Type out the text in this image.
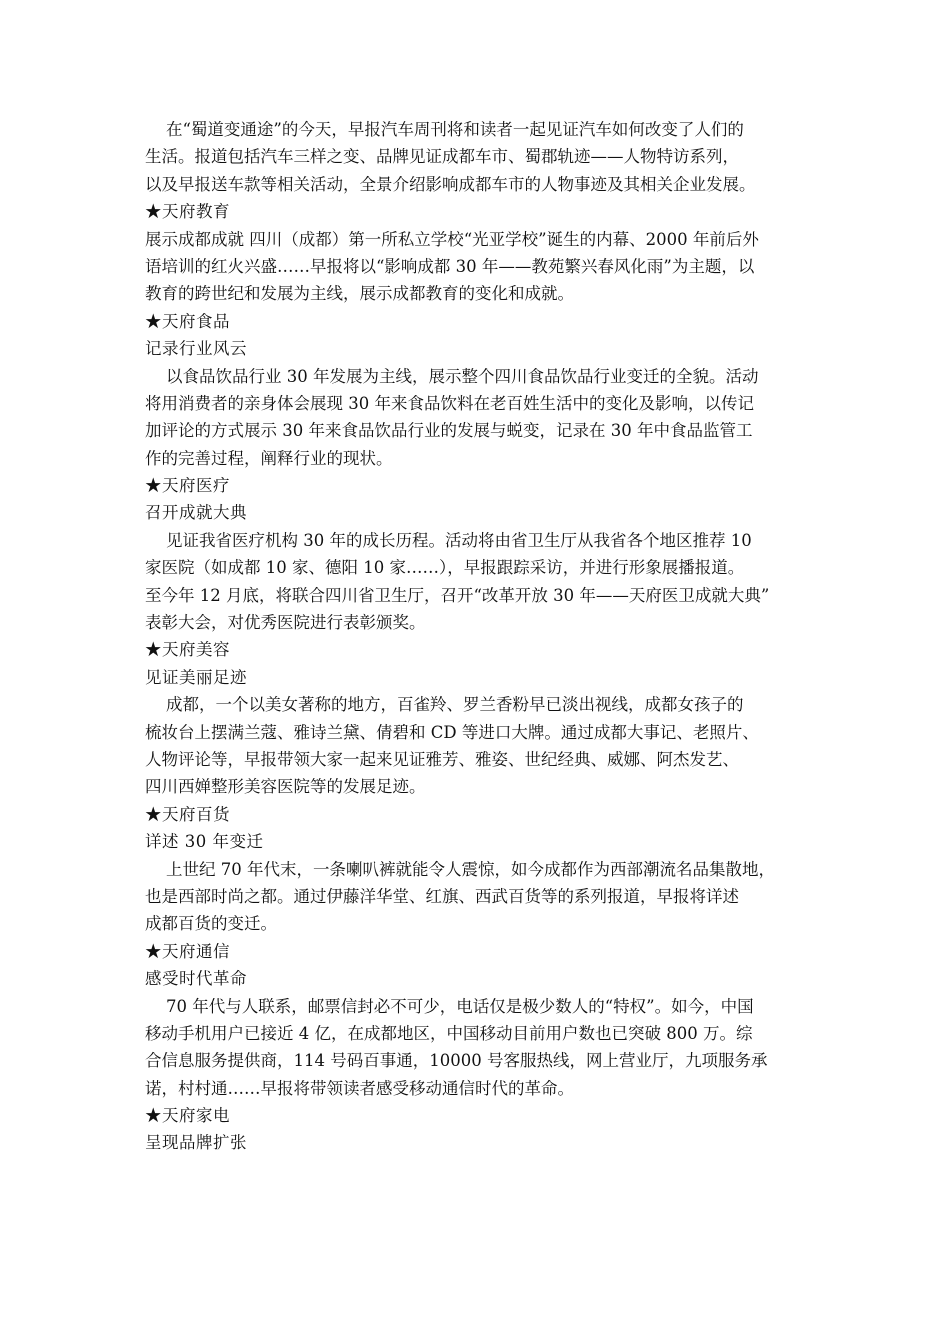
在“蜀道变通途”的今天，早报汽车周刊将和读者一起见证汽车如何改变了人们的
生活。报道包括汽车三样之变、品牌见证成都车市、蜀郡轨迹——人物特访系列，
以及早报送车款等相关活动，全景介绍影响成都车市的人物事迹及其相关企业发展。
★天府教育
展示成都成就 四川（成都）第一所私立学校“光亚学校”诞生的内幕、2000 年前后外
语培训的红火兴盛……早报将以“影响成都 30 年——教苑繁兴春风化雨”为主题，以
教育的跨世纪和发展为主线，展示成都教育的变化和成就。
★天府食品
记录行业风云
以食品饮品行业 30 年发展为主线，展示整个四川食品饮品行业变迁的全貌。活动
将用消费者的亲身体会展现 30 年来食品饮料在老百姓生活中的变化及影响，以传记
加评论的方式展示 30 年来食品饮品行业的发展与蜕变，记录在 30 年中食品监管工
作的完善过程，阐释行业的现状。
★天府医疗
召开成就大典
见证我省医疗机构 30 年的成长历程。活动将由省卫生厅从我省各个地区推荐 10
家医院（如成都 10 家、德阳 10 家……），早报跟踪采访，并进行形象展播报道。
至今年 12 月底，将联合四川省卫生厅，召开“改革开放 30 年——天府医卫成就大典”
表彰大会，对优秀医院进行表彰颁奖。
★天府美容
见证美丽足迹
成都，一个以美女著称的地方，百雀羚、罗兰香粉早已淡出视线，成都女孩子的
梳妆台上摆满兰蔻、雅诗兰黛、倩碧和 CD 等进口大牌。通过成都大事记、老照片、
人物评论等，早报带领大家一起来见证雅芳、雅姿、世纪经典、威娜、阿杰发艺、
四川西婵整形美容医院等的发展足迹。
★天府百货
详述 30 年变迁
上世纪 70 年代末，一条喇叭裤就能令人震惊，如今成都作为西部潮流名品集散地，
也是西部时尚之都。通过伊藤洋华堂、红旗、西武百货等的系列报道，早报将详述
成都百货的变迁。
★天府通信
感受时代革命
70 年代与人联系，邮票信封必不可少，电话仅是极少数人的“特权”。如今，中国
移动手机用户已接近 4 亿，在成都地区，中国移动目前用户数也已突破 800 万。综
合信息服务提供商，114 号码百事通，10000 号客服热线，网上营业厅，九项服务承
诺，村村通……早报将带领读者感受移动通信时代的革命。
★天府家电
呈现品牌扩张
